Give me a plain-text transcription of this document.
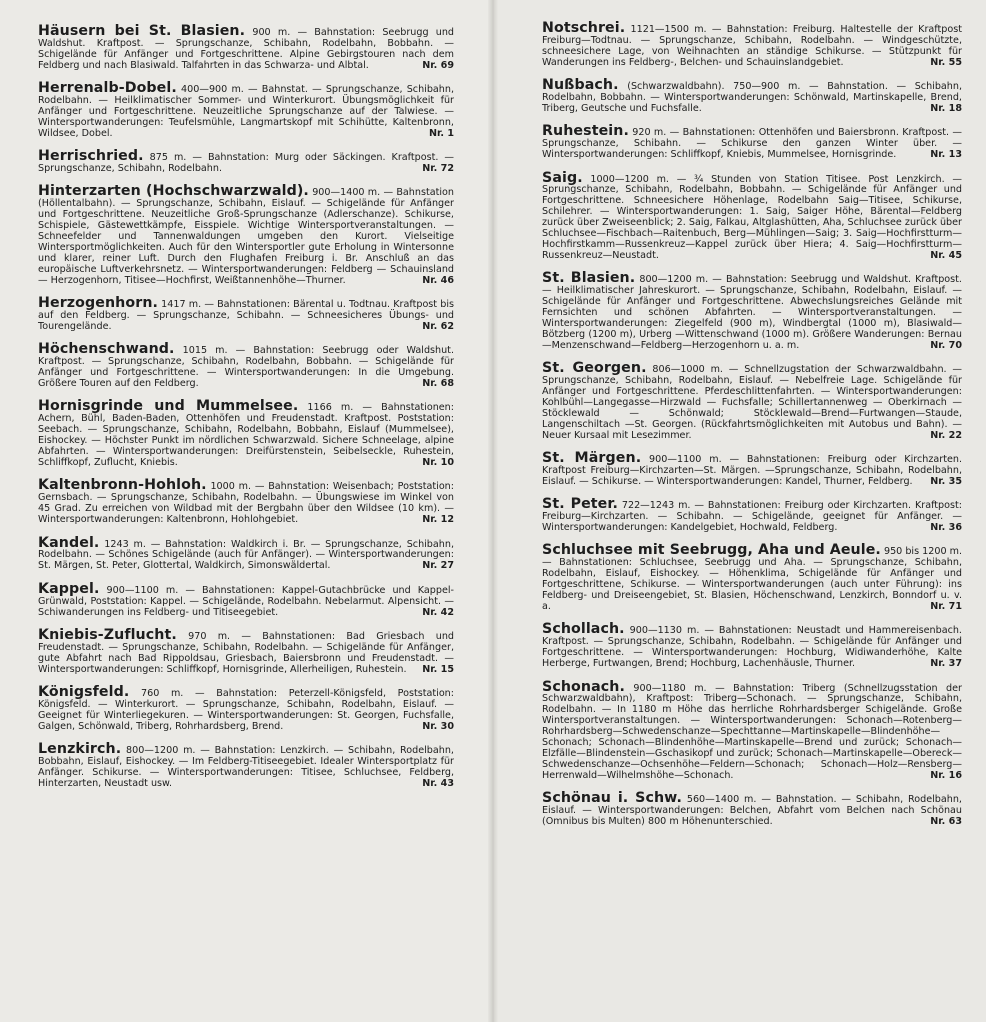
Häusern bei St. Blasien. 900 m. — Bahnstation: Seebrugg und Waldshut. Kraftpost. — Sprungschanze, Schibahn, Rodelbahn, Bobbahn. — Schigelände für Anfänger und Fortgeschrittene. Alpine Gebirgstouren nach dem Feldberg und nach Blasiwald. Talfahrten in das Schwarza- und Albtal.	Nr. 69
Herrenalb-Dobel. 400—900 m. — Bahnstat. — Sprungschanze, Schibahn, Rodelbahn. — Heilklimatischer Sommer- und Winterkurort. Übungsmöglichkeit für Anfänger und Fortgeschrittene. Neuzeitliche Sprungschanze auf der Talwiese. — Wintersportwanderungen: Teufelsmühle, Langmartskopf mit Schihütte, Kaltenbronn, Wildsee, Dobel.	Nr. 1
Herrischried. 875 m. — Bahnstation: Murg oder Säckingen. Kraftpost. — Sprungschanze, Schibahn, Rodelbahn.	Nr. 72
Hinterzarten (Hochschwarzwald). 900—1400 m. — Bahnstation (Höllentalbahn). — Sprungschanze, Schibahn, Eislauf. — Schigelände für Anfänger und Fortgeschrittene. Neuzeitliche Groß-Sprungschanze (Adlerschanze). Schikurse, Schispiele, Gästewettkämpfe, Eisspiele. Wichtige Wintersportveranstaltungen. — Schneefelder und Tannenwaldungen umgeben den Kurort. Vielseitige Wintersportmöglichkeiten. Auch für den Wintersportler gute Erholung in Wintersonne und klarer, reiner Luft. Durch den Flughafen Freiburg i. Br. Anschluß an das europäische Luftverkehrsnetz. — Wintersportwanderungen: Feldberg — Schauinsland — Herzogenhorn, Titisee—Hochfirst, Weißtannenhöhe—Thurner.	Nr. 46
Herzogenhorn. 1417 m. — Bahnstationen: Bärental u. Todtnau. Kraftpost bis auf den Feldberg. — Sprungschanze, Schibahn. — Schneesicheres Übungs- und Tourengelände.	Nr. 62
Höchenschwand. 1015 m. — Bahnstation: Seebrugg oder Waldshut. Kraftpost. — Sprungschanze, Schibahn, Rodelbahn, Bobbahn. — Schigelände für Anfänger und Fortgeschrittene. — Wintersportwanderungen: In die Umgebung. Größere Touren auf den Feldberg.	Nr. 68
Hornisgrinde und Mummelsee. 1166 m. — Bahnstationen: Achern, Bühl, Baden-Baden, Ottenhöfen und Freudenstadt. Kraftpost. Poststation: Seebach. — Sprungschanze, Schibahn, Rodelbahn, Bobbahn, Eislauf (Mummelsee), Eishockey. — Höchster Punkt im nördlichen Schwarzwald. Sichere Schneelage, alpine Abfahrten. — Wintersportwanderungen: Dreifürstenstein, Seibelseckle, Ruhestein, Schliffkopf, Zuflucht, Kniebis.	Nr. 10
Kaltenbronn-Hohloh. 1000 m. — Bahnstation: Weisenbach; Poststation: Gernsbach. — Sprungschanze, Schibahn, Rodelbahn. — Übungswiese im Winkel von 45 Grad. Zu erreichen von Wildbad mit der Bergbahn über den Wildsee (10 km). — Wintersportwanderungen: Kaltenbronn, Hohlohgebiet.	Nr. 12
Kandel. 1243 m. — Bahnstation: Waldkirch i. Br. — Sprungschanze, Schibahn, Rodelbahn. — Schönes Schigelände (auch für Anfänger). — Wintersportwanderungen: St. Märgen, St. Peter, Glottertal, Waldkirch, Simonswäldertal.	Nr. 27
Kappel. 900—1100 m. — Bahnstationen: Kappel-Gutachbrücke und Kappel-Grünwald, Poststation: Kappel. — Schigelände, Rodelbahn. Nebelarmut. Alpensicht. — Schiwanderungen ins Feldberg- und Titiseegebiet.	Nr. 42
Kniebis-Zuflucht. 970 m. — Bahnstationen: Bad Griesbach und Freudenstadt. — Sprungschanze, Schibahn, Rodelbahn. — Schigelände für Anfänger, gute Abfahrt nach Bad Rippoldsau, Griesbach, Baiersbronn und Freudenstadt. — Wintersportwanderungen: Schliffkopf, Hornisgrinde, Allerheiligen, Ruhestein. Nr. 15
Königsfeld. 760 m. — Bahnstation: Peterzell-Königsfeld, Poststation: Königsfeld. — Winterkurort. — Sprungschanze, Schibahn, Rodelbahn, Eislauf. — Geeignet für Winterliegekuren. — Wintersportwanderungen: St. Georgen, Fuchsfalle, Galgen, Schönwald, Triberg, Rohrhardsberg, Brend.	Nr. 30
Lenzkirch. 800—1200 m. — Bahnstation: Lenzkirch. — Schibahn, Rodelbahn, Bobbahn, Eislauf, Eishockey. — Im Feldberg-Titiseegebiet. Idealer Wintersportplatz für Anfänger. Schikurse. — Wintersportwanderungen: Titisee, Schluchsee, Feldberg, Hinterzarten, Neustadt usw.	Nr. 43
Notschrei. 1121—1500 m. — Bahnstation: Freiburg. Haltestelle der Kraftpost Freiburg—Todtnau. — Sprungschanze, Schibahn, Rodelbahn. — Windgeschützte, schneesichere Lage, von Weihnachten an ständige Schikurse. — Stützpunkt für Wanderungen ins Feldberg-, Belchen- und Schauinslandgebiet.	Nr. 55
Nußbach. (Schwarzwaldbahn). 750—900 m. — Bahnstation. — Schibahn, Rodelbahn, Bobbahn. — Wintersportwanderungen: Schönwald, Martinskapelle, Brend, Triberg, Geutsche und Fuchsfalle.	Nr. 18
Ruhestein. 920 m. — Bahnstationen: Ottenhöfen und Baiersbronn. Kraftpost. — Sprungschanze, Schibahn. — Schikurse den ganzen Winter über. — Wintersportwanderungen: Schliffkopf, Kniebis, Mummelsee, Hornisgrinde.	Nr. 13
Saig. 1000—1200 m. — ¾ Stunden von Station Titisee. Post Lenzkirch. — Sprungschanze, Schibahn, Rodelbahn, Bobbahn. — Schigelände für Anfänger und Fortgeschrittene. Schneesichere Höhenlage, Rodelbahn Saig—Titisee, Schikurse, Schilehrer. — Wintersportwanderungen: 1. Saig, Saiger Höhe, Bärental—Feldberg zurück über Zweiseenblick; 2. Saig, Falkau, Altglashütten, Aha, Schluchsee zurück über Schluchsee—Fischbach—Raitenbuch, Berg—Mühlingen—Saig; 3. Saig—Hochfirstturm—Hochfirstkamm—Russenkreuz—Kappel zurück über Hiera; 4. Saig—Hochfirstturm—Russenkreuz—Neustadt.	Nr. 45
St. Blasien. 800—1200 m. — Bahnstation: Seebrugg und Waldshut. Kraftpost. — Heilklimatischer Jahreskurort. — Sprungschanze, Schibahn, Rodelbahn, Eislauf. — Schigelände für Anfänger und Fortgeschrittene. Abwechslungsreiches Gelände mit Fernsichten und schönen Abfahrten. — Wintersportveranstaltungen. — Wintersportwanderungen: Ziegelfeld (900 m), Windbergtal (1000 m), Blasiwald—Bötzberg (1200 m), Urberg —Wittenschwand (1000 m). Größere Wanderungen: Bernau—Menzenschwand—Feldberg—Herzogenhorn u. a. m.	Nr. 70
St. Georgen. 806—1000 m. — Schnellzugstation der Schwarzwaldbahn. — Sprungschanze, Schibahn, Rodelbahn, Eislauf. — Nebelfreie Lage. Schigelände für Anfänger und Fortgeschrittene. Pferdeschlittenfahrten. — Wintersportwanderungen: Kohlbühl—Langegasse—Hirzwald — Fuchsfalle; Schillertannenweg — Oberkirnach — Stöcklewald — Schönwald; Stöcklewald—Brend—Furtwangen—Staude, Langenschiltach —St. Georgen. (Rückfahrtsmöglichkeiten mit Autobus und Bahn). — Neuer Kursaal mit Lesezimmer.	Nr. 22
St. Märgen. 900—1100 m. — Bahnstationen: Freiburg oder Kirchzarten. Kraftpost Freiburg—Kirchzarten—St. Märgen. —Sprungschanze, Schibahn, Rodelbahn, Eislauf. — Schikurse. — Wintersportwanderungen: Kandel, Thurner, Feldberg. Nr. 35
St. Peter. 722—1243 m. — Bahnstationen: Freiburg oder Kirchzarten. Kraftpost: Freiburg—Kirchzarten. — Schibahn. — Schigelände, geeignet für Anfänger. — Wintersportwanderungen: Kandelgebiet, Hochwald, Feldberg.	Nr. 36
Schluchsee mit Seebrugg, Aha und Aeule. 950 bis 1200 m. — Bahnstationen: Schluchsee, Seebrugg und Aha. — Sprungschanze, Schibahn, Rodelbahn, Eislauf, Eishockey. — Höhenklima, Schigelände für Anfänger und Fortgeschrittene, Schikurse. — Wintersportwanderungen (auch unter Führung): ins Feldberg- und Dreiseengebiet, St. Blasien, Höchenschwand, Lenzkirch, Bonndorf u. v. a.	Nr. 71
Schollach. 900—1130 m. — Bahnstationen: Neustadt und Hammereisenbach. Kraftpost. — Sprungschanze, Schibahn, Rodelbahn. — Schigelände für Anfänger und Fortgeschrittene. — Wintersportwanderungen: Hochburg, Widiwanderhöhe, Kalte Herberge, Furtwangen, Brend; Hochburg, Lachenhäusle, Thurner.	Nr. 37
Schonach. 900—1180 m. — Bahnstation: Triberg (Schnellzugsstation der Schwarzwaldbahn), Kraftpost: Triberg—Schonach. — Sprungschanze, Schibahn, Rodelbahn. — In 1180 m Höhe das herrliche Rohrhardsberger Schigelände. Große Wintersportveranstaltungen. — Wintersportwanderungen: Schonach—Rotenberg—Rohrhardsberg—Schwedenschanze—Spechttanne—Martinskapelle—Blindenhöhe—Schonach; Schonach—Blindenhöhe—Martinskapelle—Brend und zurück; Schonach—Elzfälle—Blindenstein—Gschasikopf und zurück; Schonach—Martinskapelle—Obereck—Schwedenschanze—Ochsenhöhe—Feldern—Schonach; Schonach—Holz—Rensberg—Herrenwald—Wilhelmshöhe—Schonach.	Nr. 16
Schönau i. Schw. 560—1400 m. — Bahnstation. — Schibahn, Rodelbahn, Eislauf. — Wintersportwanderungen: Belchen, Abfahrt vom Belchen nach Schönau (Omnibus bis Multen) 800 m Höhenunterschied.	Nr. 63
